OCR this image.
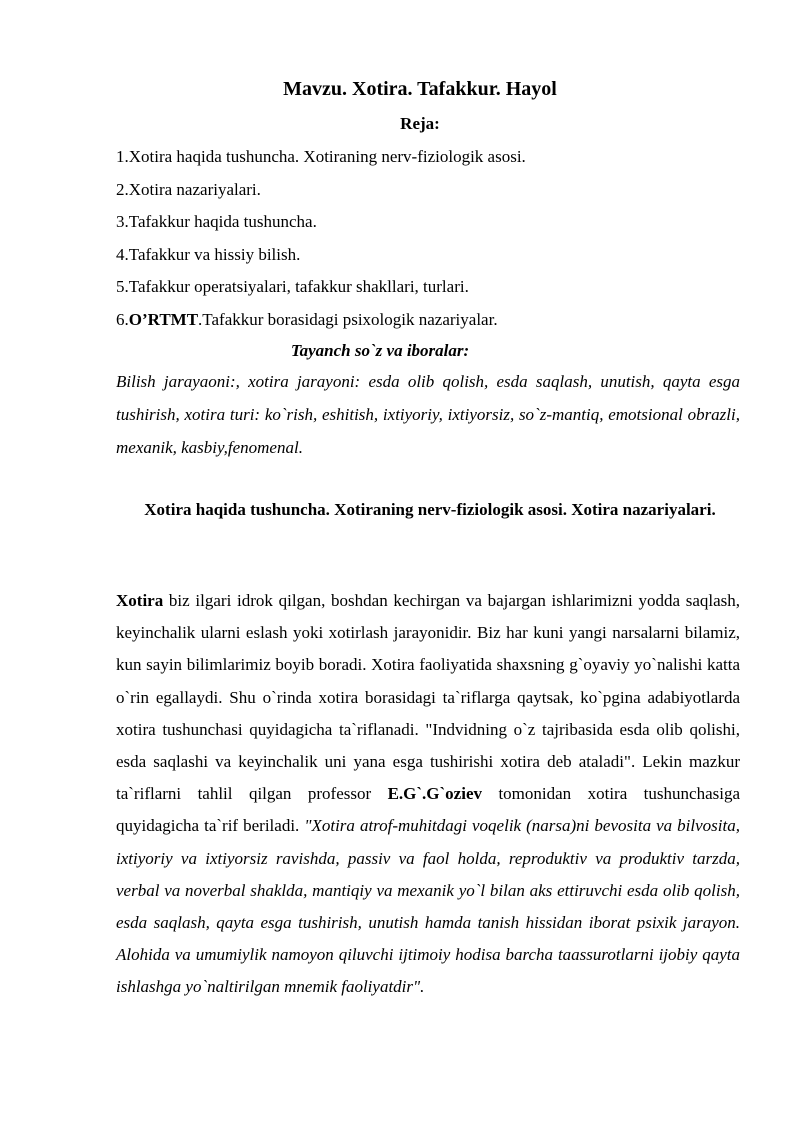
Mavzu. Xotira. Tafakkur. Hayol
Reja:
1.Xotira haqida tushuncha. Xotiraning nerv-fiziologik asosi.
2.Xotira nazariyalari.
3.Tafakkur haqida tushuncha.
4.Tafakkur va hissiy bilish.
5.Tafakkur operatsiyalari, tafakkur shakllari, turlari.
6.O’RTMT.Tafakkur borasidagi psixologik nazariyalar.
Tayanch so`z va iboralar:
Bilish jarayaoni:, xotira jarayoni: esda olib qolish, esda saqlash, unutish, qayta esga tushirish, xotira turi: ko`rish, eshitish, ixtiyoriy, ixtiyorsiz, so`z-mantiq, emotsional obrazli, mexanik, kasbiy,fenomenal.
Xotira haqida tushuncha. Xotiraning nerv-fiziologik asosi. Xotira nazariyalari.
Xotira biz ilgari idrok qilgan, boshdan kechirgan va bajargan ishlarimizni yodda saqlash, keyinchalik ularni eslash yoki xotirlash jarayonidir. Biz har kuni yangi narsalarni bilamiz, kun sayin bilimlarimiz boyib boradi. Xotira faoliyatida shaxsning g`oyaviy yo`nalishi katta o`rin egallaydi. Shu o`rinda xotira borasidagi ta`riflarga qaytsak, ko`pgina adabiyotlarda xotira tushunchasi quyidagicha ta`riflanadi. "Indvidning o`z tajribasida esda olib qolishi, esda saqlashi va keyinchalik uni yana esga tushirishi xotira deb ataladi". Lekin mazkur ta`riflarni tahlil qilgan professor E.G`.G`oziev tomonidan xotira tushunchasiga quyidagicha ta`rif beriladi. "Xotira atrof-muhitdagi voqelik (narsa)ni bevosita va bilvosita, ixtiyoriy va ixtiyorsiz ravishda, passiv va faol holda, reproduktiv va produktiv tarzda, verbal va noverbal shaklda, mantiqiy va mexanik yo`l bilan aks ettiruvchi esda olib qolish, esda saqlash, qayta esga tushirish, unutish hamda tanish hissidan iborat psixik jarayon. Alohida va umumiylik namoyon qiluvchi ijtimoiy hodisa barcha taassurotlarni ijobiy qayta ishlashga yo`naltirilgan mnemik faoliyatdir".
